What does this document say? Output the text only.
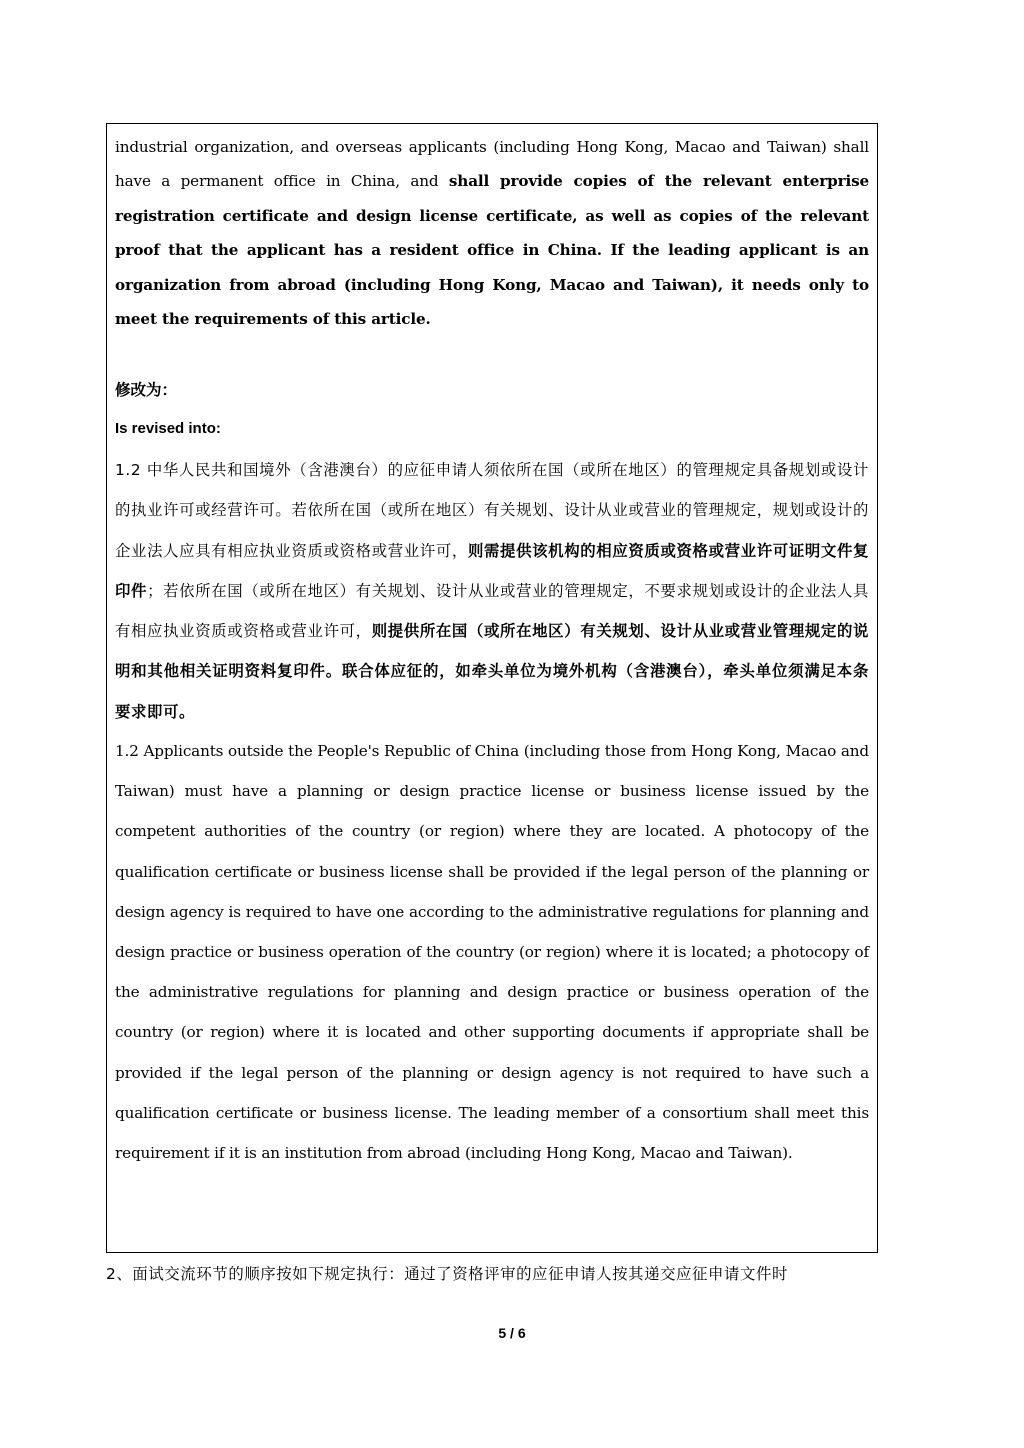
industrial organization, and overseas applicants (including Hong Kong, Macao and Taiwan) shall have a permanent office in China, and shall provide copies of the relevant enterprise registration certificate and design license certificate, as well as copies of the relevant proof that the applicant has a resident office in China. If the leading applicant is an organization from abroad (including Hong Kong, Macao and Taiwan), it needs only to meet the requirements of this article.

修改为：

Is revised into:

1.2 中华人民共和国境外（含港澳台）的应征申请人须依所在国（或所在地区）的管理规定具备规划或设计的执业许可或经营许可。若依所在国（或所在地区）有关规划、设计从业或营业的管理规定，规划或设计的企业法人应具有相应执业资质或资格或营业许可，则需提供该机构的相应资质或资格或营业许可证明文件复印件；若依所在国（或所在地区）有关规划、设计从业或营业的管理规定，不要求规划或设计的企业法人具有相应执业资质或资格或营业许可，则提供所在国（或所在地区）有关规划、设计从业或营业管理规定的说明和其他相关证明资料复印件。联合体应征的，如牵头单位为境外机构（含港澳台），牵头单位须满足本条要求即可。

1.2 Applicants outside the People's Republic of China (including those from Hong Kong, Macao and Taiwan) must have a planning or design practice license or business license issued by the competent authorities of the country (or region) where they are located. A photocopy of the qualification certificate or business license shall be provided if the legal person of the planning or design agency is required to have one according to the administrative regulations for planning and design practice or business operation of the country (or region) where it is located; a photocopy of the administrative regulations for planning and design practice or business operation of the country (or region) where it is located and other supporting documents if appropriate shall be provided if the legal person of the planning or design agency is not required to have such a qualification certificate or business license. The leading member of a consortium shall meet this requirement if it is an institution from abroad (including Hong Kong, Macao and Taiwan).

2、面试交流环节的顺序按如下规定执行：通过了资格评审的应征申请人按其递交应征申请文件时

5 / 6
